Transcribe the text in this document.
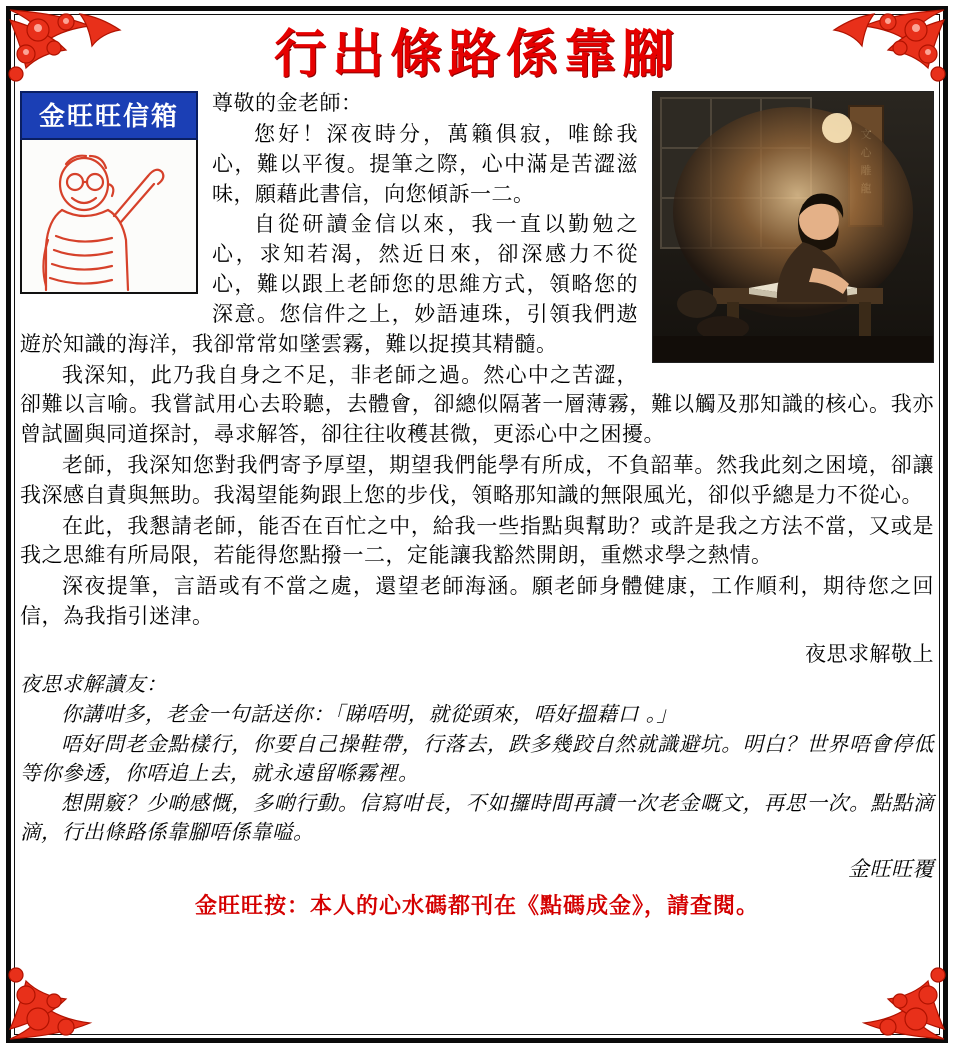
行出條路係靠腳
金旺旺信箱	尊敬的金老師：

您好！深夜時分，萬籟俱寂，唯餘我心，難以平復。提筆之際，心中滿是苦澀滋味，願藉此書信，向您傾訴一二。

自從研讀金信以來，我一直以勤勉之心，求知若渴，然近日來，卻深感力不從心，難以跟上老師您的思維方式，領略您的深意。您信件之上，妙語連珠，引領我們遨遊於知識的海洋，我卻常常如墜雲霧，難以捉摸其精髓。

我深知，此乃我自身之不足，非老師之過。然心中之苦澀，卻難以言喻。我嘗試用心去聆聽，去體會，卻總似隔著一層薄霧，難以觸及那知識的核心。我亦曾試圖與同道探討，尋求解答，卻往往收穫甚微，更添心中之困擾。

老師，我深知您對我們寄予厚望，期望我們能學有所成，不負韶華。然我此刻之困境，卻讓我深感自責與無助。我渴望能夠跟上您的步伐，領略那知識的無限風光，卻似乎總是力不從心。

在此，我懇請老師，能否在百忙之中，給我一些指點與幫助？或許是我之方法不當，又或是我之思維有所局限，若能得您點撥一二，定能讓我豁然開朗，重燃求學之熱情。

深夜提筆，言語或有不當之處，還望老師海涵。願老師身體健康，工作順利，期待您之回信，為我指引迷津。

夜思求解敬上

夜思求解讀友：

你講咁多，老金一句話送你：「睇唔明，就從頭來，唔好搵藉口 。」

唔好問老金點樣行，你要自己操鞋帶，行落去，跌多幾跤自然就識避坑。明白？世界唔會停低等你參透，你唔追上去，就永遠留喺霧裡。

想開竅？少啲感慨，多啲行動。信寫咁長，不如攞時間再讀一次老金嘅文，再思一次。點點滴滴，行出條路係靠腳唔係靠嗌。

金旺旺覆

金旺旺按：本人的心水碼都刊在《點碼成金》，請查閱。
